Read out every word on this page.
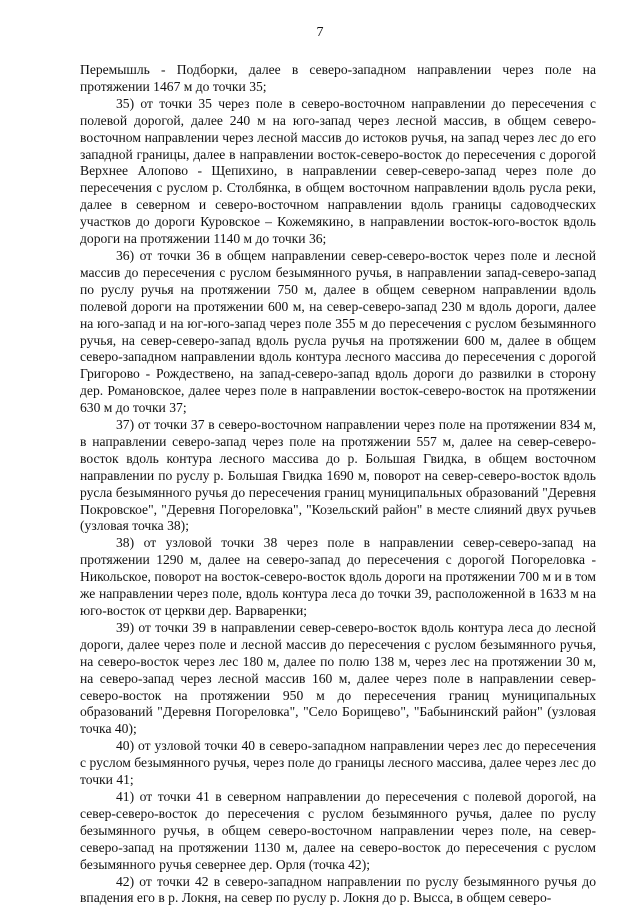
7

Перемышль - Подборки, далее в северо-западном направлении через поле на протяжении 1467 м до точки 35;

35) от точки 35 через поле в северо-восточном направлении до пересечения с полевой дорогой, далее 240 м на юго-запад через лесной массив, в общем северо-восточном направлении через лесной массив до истоков ручья, на запад через лес до его западной границы, далее в направлении восток-северо-восток до пересечения с дорогой Верхнее Алопово - Щепихино, в направлении север-северо-запад через поле до пересечения с руслом р. Столбянка, в общем восточном направлении вдоль русла реки, далее в северном и северо-восточном направлении вдоль границы садоводческих участков до дороги Куровское – Кожемякино, в направлении восток-юго-восток вдоль дороги на протяжении 1140 м до точки 36;

36) от точки 36 в общем направлении север-северо-восток через поле и лесной массив до пересечения с руслом безымянного ручья, в направлении запад-северо-запад по руслу ручья на протяжении 750 м, далее в общем северном направлении вдоль полевой дороги на протяжении 600 м, на север-северо-запад 230 м вдоль дороги, далее на юго-запад и на юг-юго-запад через поле 355 м до пересечения с руслом безымянного ручья, на север-северо-запад вдоль русла ручья на протяжении 600 м, далее в общем северо-западном направлении вдоль контура лесного массива до пересечения с дорогой Григорово - Рождествено, на запад-северо-запад вдоль дороги до развилки в сторону дер. Романовское, далее через поле в направлении восток-северо-восток на протяжении 630 м до точки 37;

37) от точки 37 в северо-восточном направлении через поле на протяжении 834 м, в направлении северо-запад через поле на протяжении 557 м, далее на север-северо-восток вдоль контура лесного массива до р. Большая Гвидка, в общем восточном направлении по руслу р. Большая Гвидка 1690 м, поворот на север-северо-восток вдоль русла безымянного ручья до пересечения границ муниципальных образований "Деревня Покровское", "Деревня Погореловка", "Козельский район" в месте слияний двух ручьев (узловая точка 38);

38) от узловой точки 38 через поле в направлении север-северо-запад на протяжении 1290 м, далее на северо-запад до пересечения с дорогой Погореловка - Никольское, поворот на восток-северо-восток вдоль дороги на протяжении 700 м и в том же направлении через поле, вдоль контура леса до точки 39, расположенной в 1633 м на юго-восток от церкви дер. Варваренки;

39) от точки 39 в направлении север-северо-восток вдоль контура леса до лесной дороги, далее через поле и лесной массив до пересечения с руслом безымянного ручья, на северо-восток через лес 180 м, далее по полю 138 м, через лес на протяжении 30 м, на северо-запад через лесной массив 160 м, далее через поле в направлении север-северо-восток на протяжении 950 м до пересечения границ муниципальных образований "Деревня Погореловка", "Село Борищево", "Бабынинский район" (узловая точка 40);

40) от узловой точки 40 в северо-западном направлении через лес до пересечения с руслом безымянного ручья, через поле до границы лесного массива, далее через лес до точки 41;

41) от точки 41 в северном направлении до пересечения с полевой дорогой, на север-северо-восток до пересечения с руслом безымянного ручья, далее по руслу безымянного ручья, в общем северо-восточном направлении через поле, на север-северо-запад на протяжении 1130 м, далее на северо-восток до пересечения с руслом безымянного ручья севернее дер. Орля (точка 42);

42) от точки 42 в северо-западном направлении по руслу безымянного ручья до впадения его в р. Локня, на север по руслу р. Локня до р. Высса, в общем северо-
